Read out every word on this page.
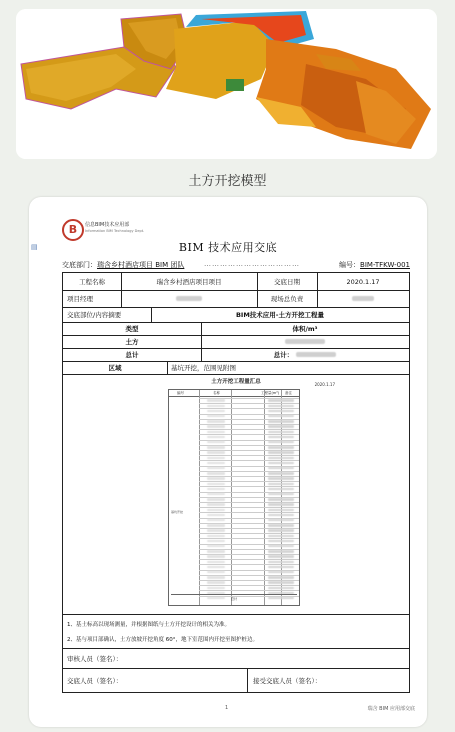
土方开挖模型
▤
B	信息BIM技术应用部
Information BIM Technology Dept.
BIM 技术应用交底
交底部门：瑞含乡村酒店项目 BIM 团队	………………………………	编号：BIM-TFKW-001
工程名称	瑞含乡村酒店项目项目	交底日期	2020.1.17
项目经理	现场总负责
交底部位/内容摘要	BIM技术应用-土方开挖工程量
类型	体积/m³
土方
总计	总计：
区域	基坑开挖，范围见附图
土方开挖工程量汇总	2020.1.17
编号	名称	工程量(m³) 备注
基坑开挖
总计
1、基土标高以现场测量，并根据图纸与土方开挖设计的相关为准。
2、基与项目部确认，土方放坡开挖角度 60°，地下室范围内开挖至图护桩边。
审核人员（签名）：
交底人员（签名）：	接受交底人员（签名）：
1	瑞含 BIM 应用部交底
